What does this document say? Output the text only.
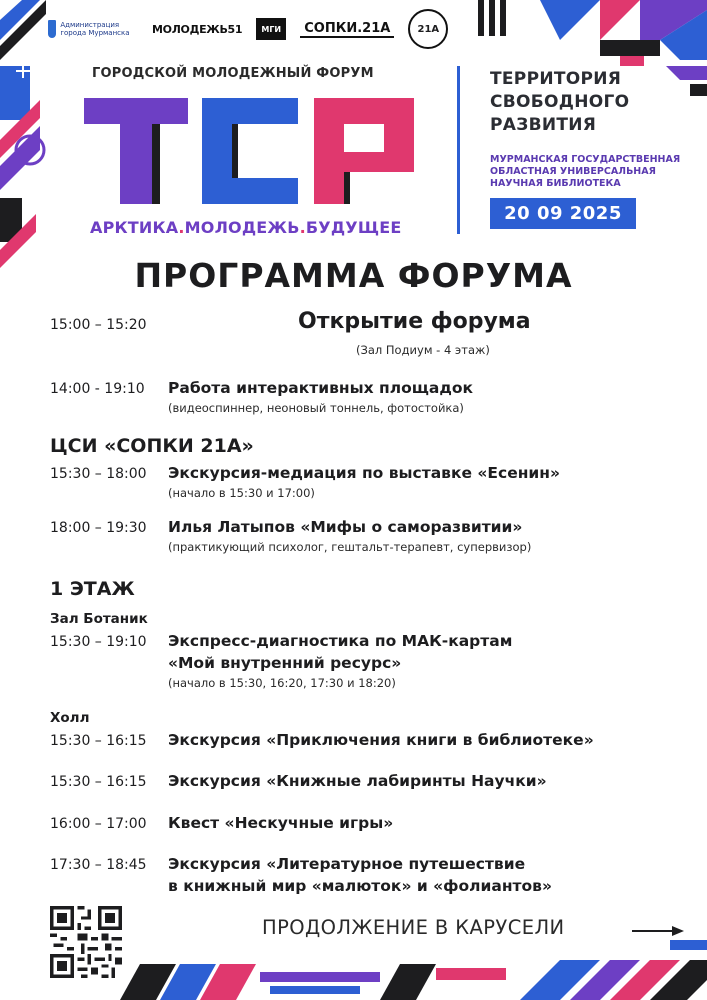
Администрация города Мурманска	МОЛОДЕЖЬ51	МГИ	СОПКИ.21А	21А
ГОРОДСКОЙ МОЛОДЕЖНЫЙ ФОРУМ
АРКТИКА.МОЛОДЕЖЬ.БУДУЩЕЕ
ТЕРРИТОРИЯ
СВОБОДНОГО
РАЗВИТИЯ
МУРМАНСКАЯ ГОСУДАРСТВЕННАЯ
ОБЛАСТНАЯ УНИВЕРСАЛЬНАЯ
НАУЧНАЯ БИБЛИОТЕКА
20 09 2025
ПРОГРАММА ФОРУМА
15:00 – 15:20	Открытие форума
(Зал Подиум - 4 этаж)
14:00 - 19:10 Работа интерактивных площадок
(видеоспиннер, неоновый тоннель, фотостойка)
ЦСИ «СОПКИ 21А»
15:30 – 18:00 Экскурсия-медиация по выставке «Есенин»
(начало в 15:30 и 17:00)
18:00 – 19:30 Илья Латыпов «Мифы о саморазвитии»
(практикующий психолог, гештальт-терапевт, супервизор)
1 ЭТАЖ
Зал Ботаник
15:30 – 19:10 Экспресс-диагностика по МАК-картам
«Мой внутренний ресурс»
(начало в 15:30, 16:20, 17:30 и 18:20)
Холл
15:30 – 16:15 Экскурсия «Приключения книги в библиотеке»
15:30 – 16:15 Экскурсия «Книжные лабиринты Научки»
16:00 – 17:00 Квест «Нескучные игры»
17:30 – 18:45 Экскурсия «Литературное путешествие
в книжный мир «малюток» и «фолиантов»
ПРОДОЛЖЕНИЕ В КАРУСЕЛИ
